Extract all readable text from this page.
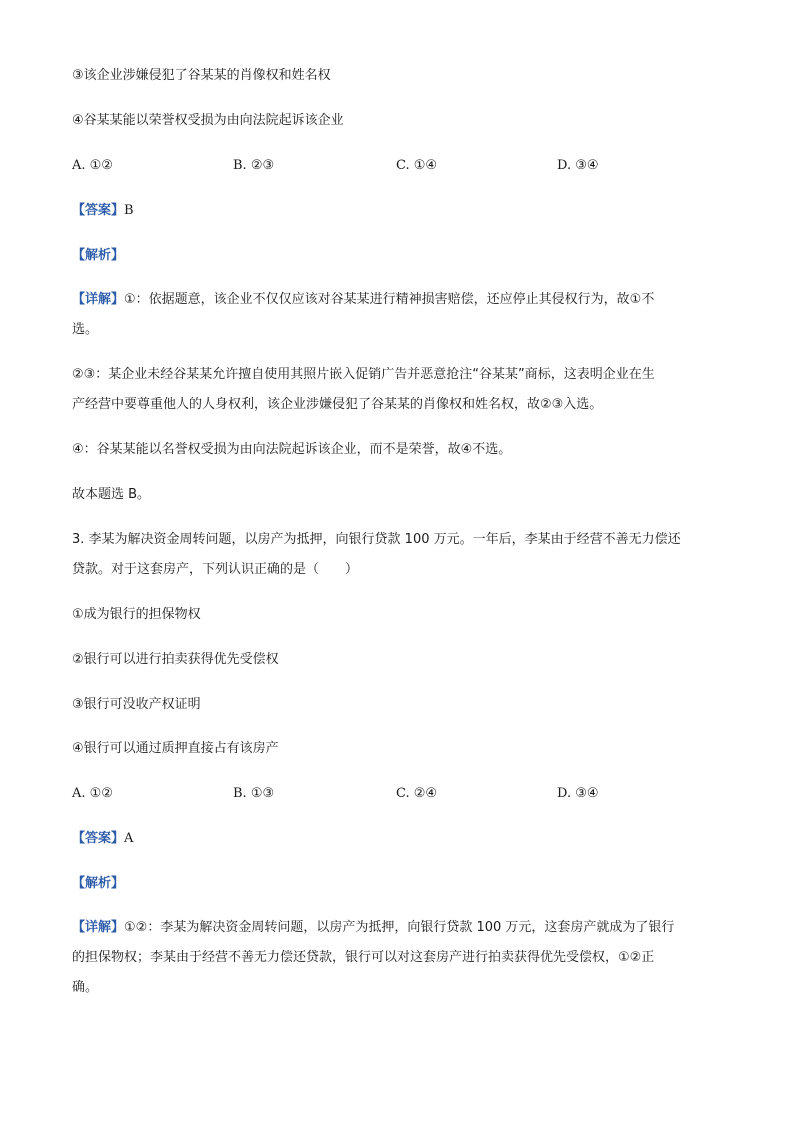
③该企业涉嫌侵犯了谷某某的肖像权和姓名权
④谷某某能以荣誉权受损为由向法院起诉该企业
A. ①②	B. ②③	C. ①④	D. ③④
【答案】B
【解析】
【详解】①：依据题意，该企业不仅仅应该对谷某某进行精神损害赔偿，还应停止其侵权行为，故①不
选。
②③：某企业未经谷某某允许擅自使用其照片嵌入促销广告并恶意抢注“谷某某”商标，这表明企业在生
产经营中要尊重他人的人身权利，该企业涉嫌侵犯了谷某某的肖像权和姓名权，故②③入选。
④：谷某某能以名誉权受损为由向法院起诉该企业，而不是荣誉，故④不选。
故本题选 B。
3. 李某为解决资金周转问题，以房产为抵押，向银行贷款 100 万元。一年后，李某由于经营不善无力偿还
贷款。对于这套房产，下列认识正确的是（　　）
①成为银行的担保物权
②银行可以进行拍卖获得优先受偿权
③银行可没收产权证明
④银行可以通过质押直接占有该房产
A. ①②	B. ①③	C. ②④	D. ③④
【答案】A
【解析】
【详解】①②：李某为解决资金周转问题，以房产为抵押，向银行贷款 100 万元，这套房产就成为了银行
的担保物权；李某由于经营不善无力偿还贷款，银行可以对这套房产进行拍卖获得优先受偿权，①②正
确。
